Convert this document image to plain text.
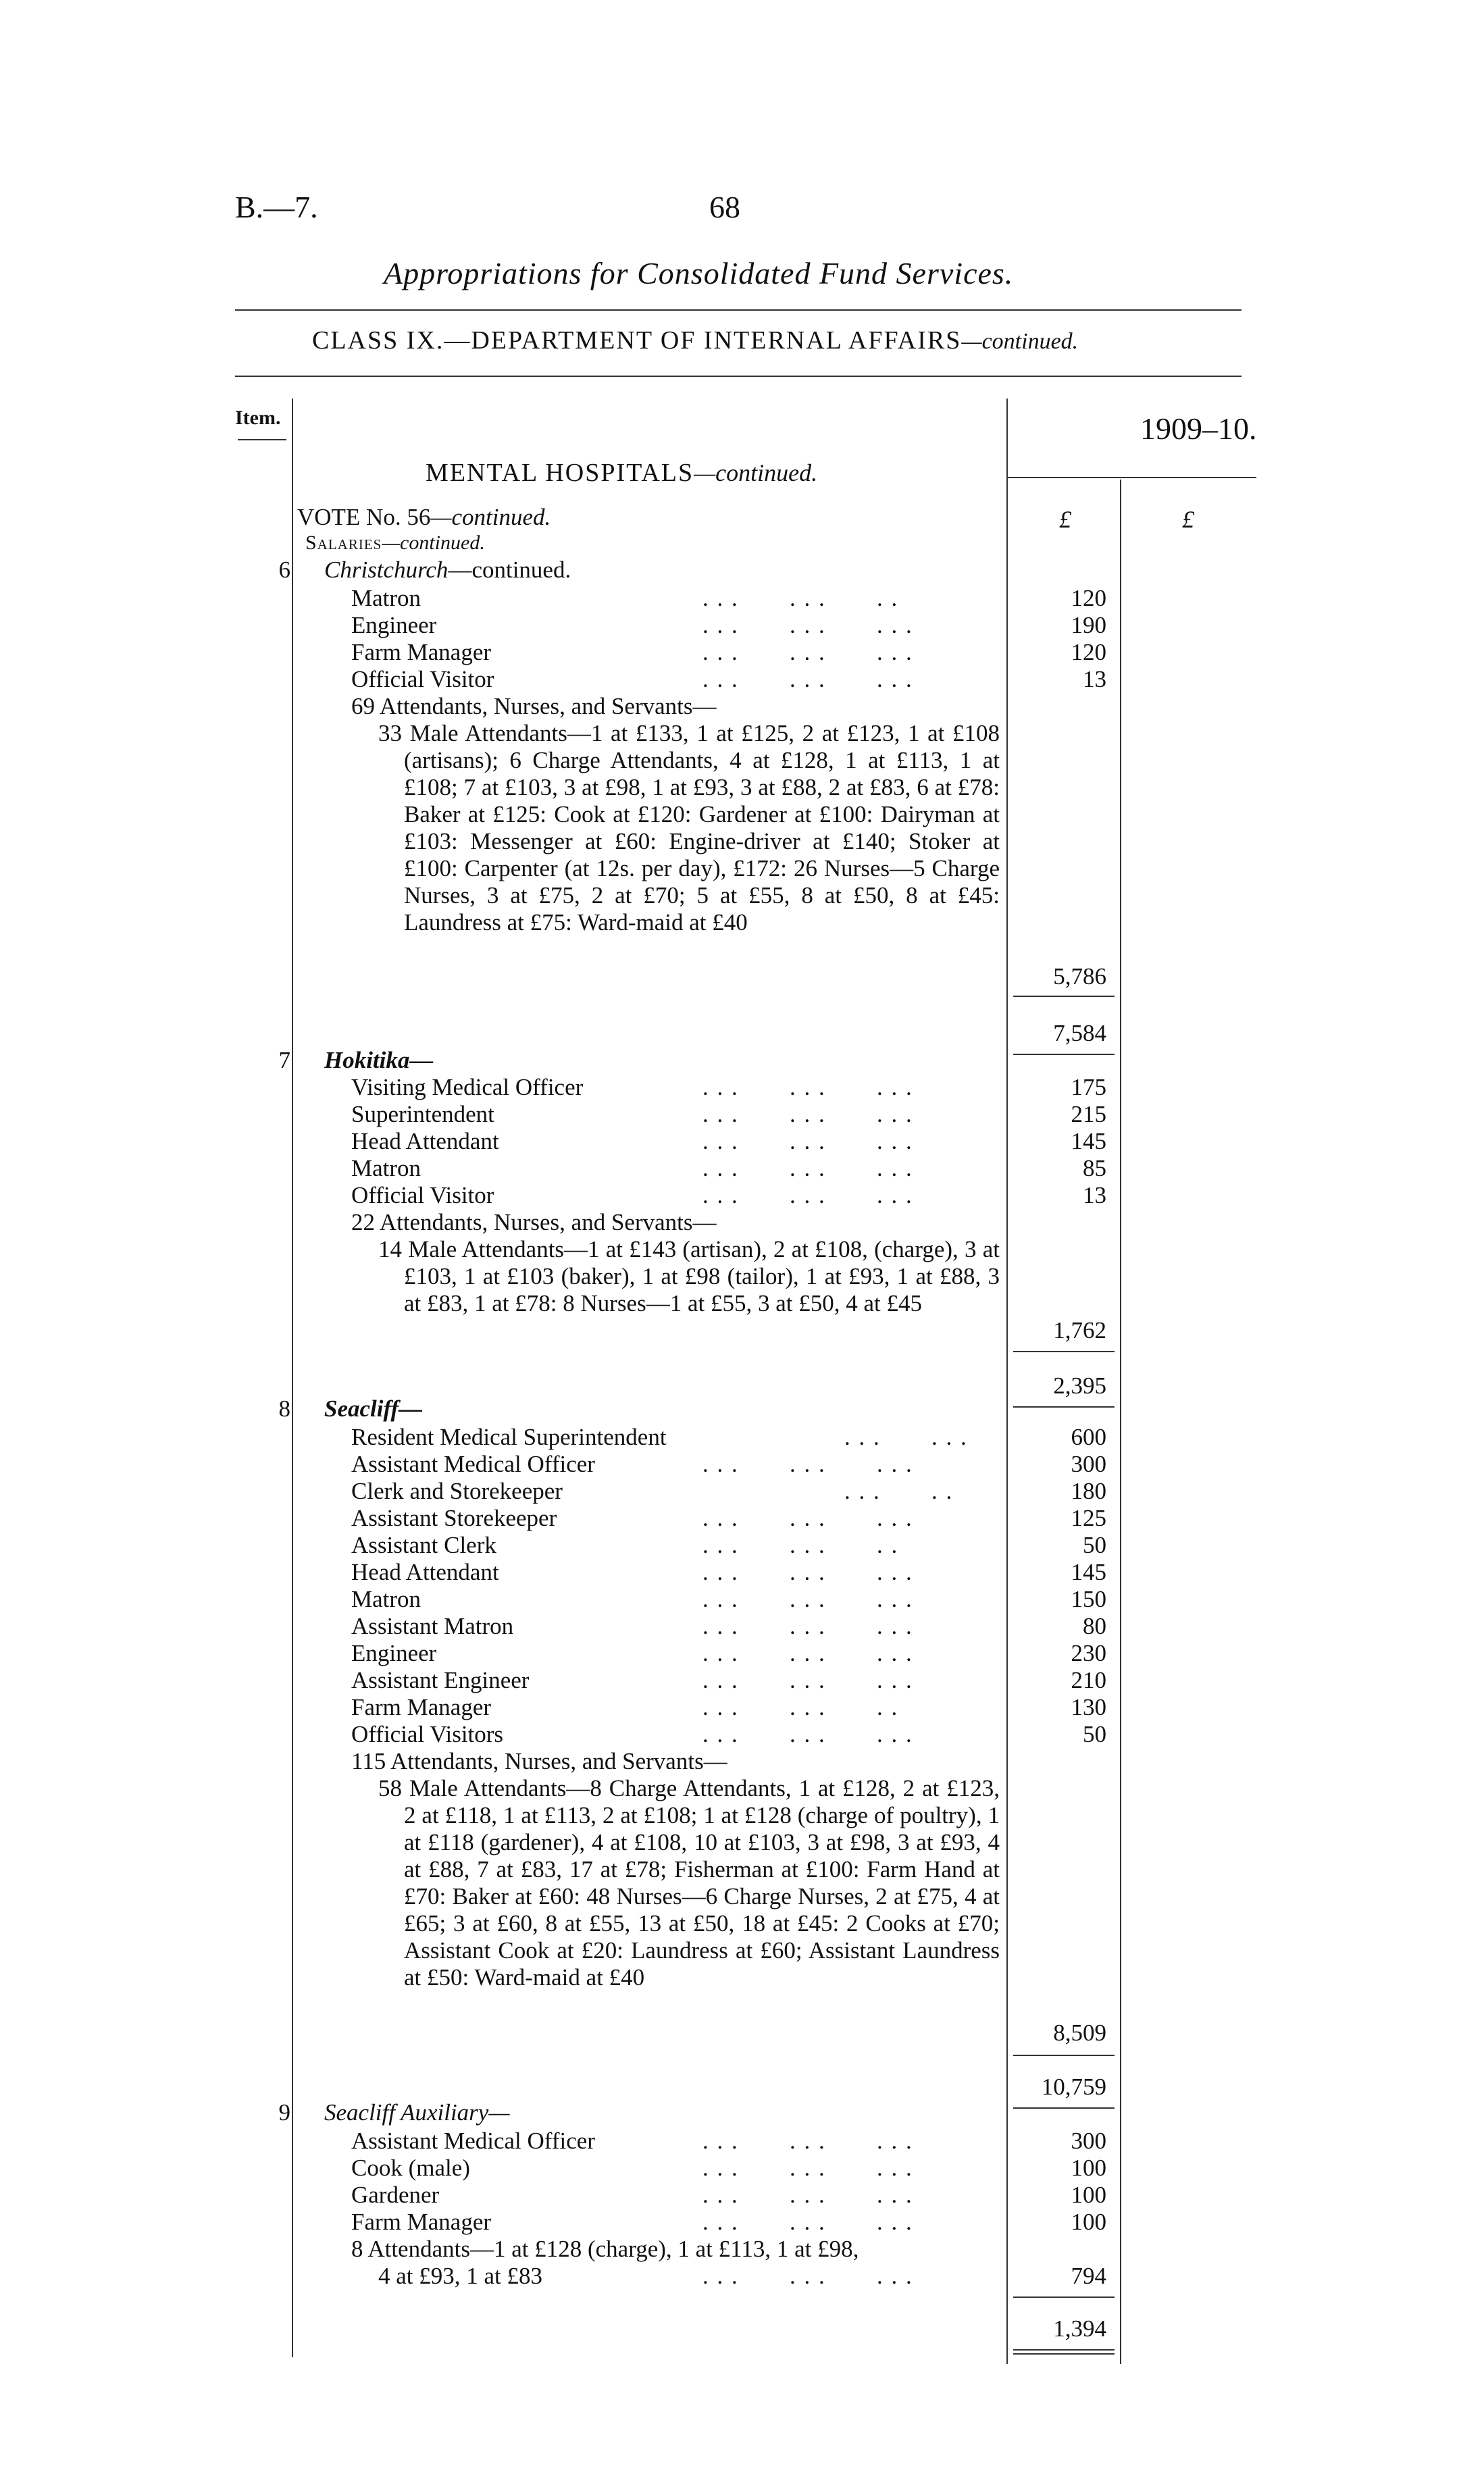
B.—7.	68
Appropriations for Consolidated Fund Services.
CLASS IX.—DEPARTMENT OF INTERNAL AFFAIRS—continued.
Item.	1909–10.
£	£
MENTAL HOSPITALS—continued.
VOTE No. 56—continued.
Salaries—continued.
6 Christchurch—continued.
Matron	. . .       . . .       . .	120
Engineer	. . .       . . .       . . .	190
Farm Manager	. . .       . . .       . . .	120
Official Visitor	. . .       . . .       . . .	13
69 Attendants, Nurses, and Servants—
33 Male Attendants—1 at £133, 1 at £125, 2 at £123, 1 at £108 (artisans); 6 Charge Attendants, 4 at £128, 1 at £113, 1 at £108; 7 at £103, 3 at £98, 1 at £93, 3 at £88, 2 at £83, 6 at £78: Baker at £125: Cook at £120: Gardener at £100: Dairyman at £103: Messenger at £60: Engine-driver at £140; Stoker at £100: Carpenter (at 12s. per day), £172: 26 Nurses—5 Charge Nurses, 3 at £75, 2 at £70; 5 at £55, 8 at £50, 8 at £45: Laundress at £75: Ward-maid at £40
5,786
7,584
7 Hokitika—
Visiting Medical Officer	. . .       . . .       . . .	175
Superintendent	. . .       . . .       . . .	215
Head Attendant	. . .       . . .       . . .	145
Matron	. . .       . . .       . . .	85
Official Visitor	. . .       . . .       . . .	13
22 Attendants, Nurses, and Servants—
14 Male Attendants—1 at £143 (artisan), 2 at £108, (charge), 3 at £103, 1 at £103 (baker), 1 at £98 (tailor), 1 at £93, 1 at £88, 3 at £83, 1 at £78: 8 Nurses—1 at £55, 3 at £50, 4 at £45
1,762
2,395
8 Seacliff—
Resident Medical Superintendent	. . .       . . .	600
Assistant Medical Officer	. . .       . . .       . . .	300
Clerk and Storekeeper	. . .       . .	180
Assistant Storekeeper	. . .       . . .       . . .	125
Assistant Clerk	. . .       . . .       . .	50
Head Attendant	. . .       . . .       . . .	145
Matron	. . .       . . .       . . .	150
Assistant Matron	. . .       . . .       . . .	80
Engineer	. . .       . . .       . . .	230
Assistant Engineer	. . .       . . .       . . .	210
Farm Manager	. . .       . . .       . .	130
Official Visitors	. . .       . . .       . . .	50
115 Attendants, Nurses, and Servants—
58 Male Attendants—8 Charge Attendants, 1 at £128, 2 at £123, 2 at £118, 1 at £113, 2 at £108; 1 at £128 (charge of poultry), 1 at £118 (gardener), 4 at £108, 10 at £103, 3 at £98, 3 at £93, 4 at £88, 7 at £83, 17 at £78; Fisherman at £100: Farm Hand at £70: Baker at £60: 48 Nurses—6 Charge Nurses, 2 at £75, 4 at £65; 3 at £60, 8 at £55, 13 at £50, 18 at £45: 2 Cooks at £70; Assistant Cook at £20: Laundress at £60; Assistant Laundress at £50: Ward-maid at £40
8,509
10,759
9 Seacliff Auxiliary—
Assistant Medical Officer	. . .       . . .       . . .	300
Cook (male)	. . .       . . .       . . .	100
Gardener	. . .       . . .       . . .	100
Farm Manager	. . .       . . .       . . .	100
8 Attendants—1 at £128 (charge), 1 at £113, 1 at £98,
4 at £93, 1 at £83	. . .       . . .       . . .	794
1,394
